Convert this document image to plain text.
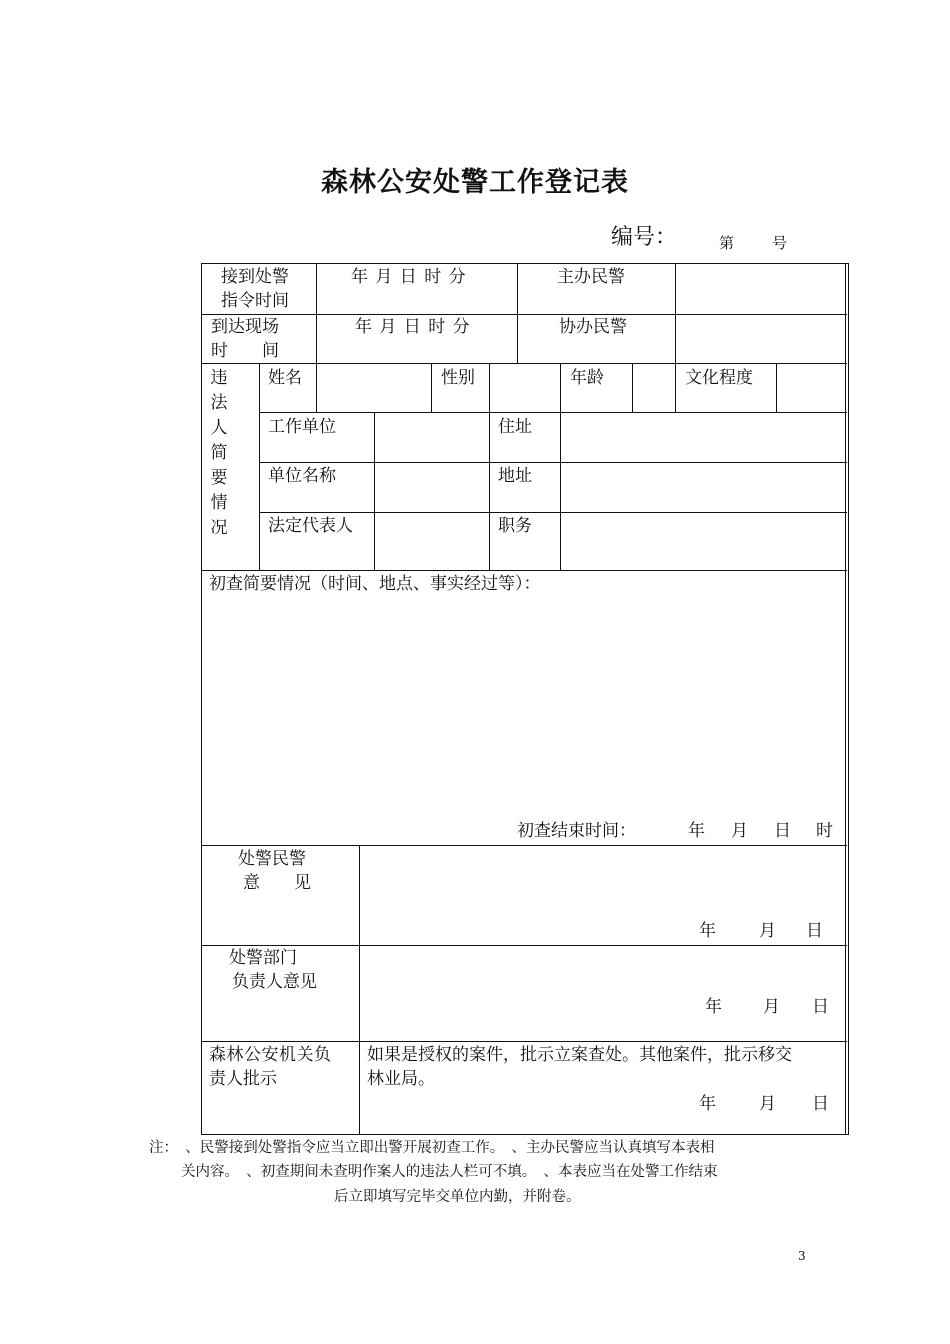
森林公安处警工作登记表
编号：	第	号
接到处警
指令时间
年 月 日 时 分	主办民警
到达现场
时　　间
年 月 日 时 分	协办民警
违法人简要情况
姓名	性别	年龄	文化程度
工作单位	住址
单位名称	地址
法定代表人	职务
初查简要情况（时间、地点、事实经过等）：
初查结束时间：	年 月 日 时
处警民警
意　　见
年	月 日
处警部门
负责人意见
年 月 日
森林公安机关负
责人批示
如果是授权的案件，批示立案查处。其他案件，批示移交
林业局。
年	月 日
注：　、民警接到处警指令应当立即出警开展初查工作。　、主办民警应当认真填写本表相
关内容。　、初查期间未查明作案人的违法人栏可不填。　、本表应当在处警工作结束
后立即填写完毕交单位内勤，并附卷。
3
